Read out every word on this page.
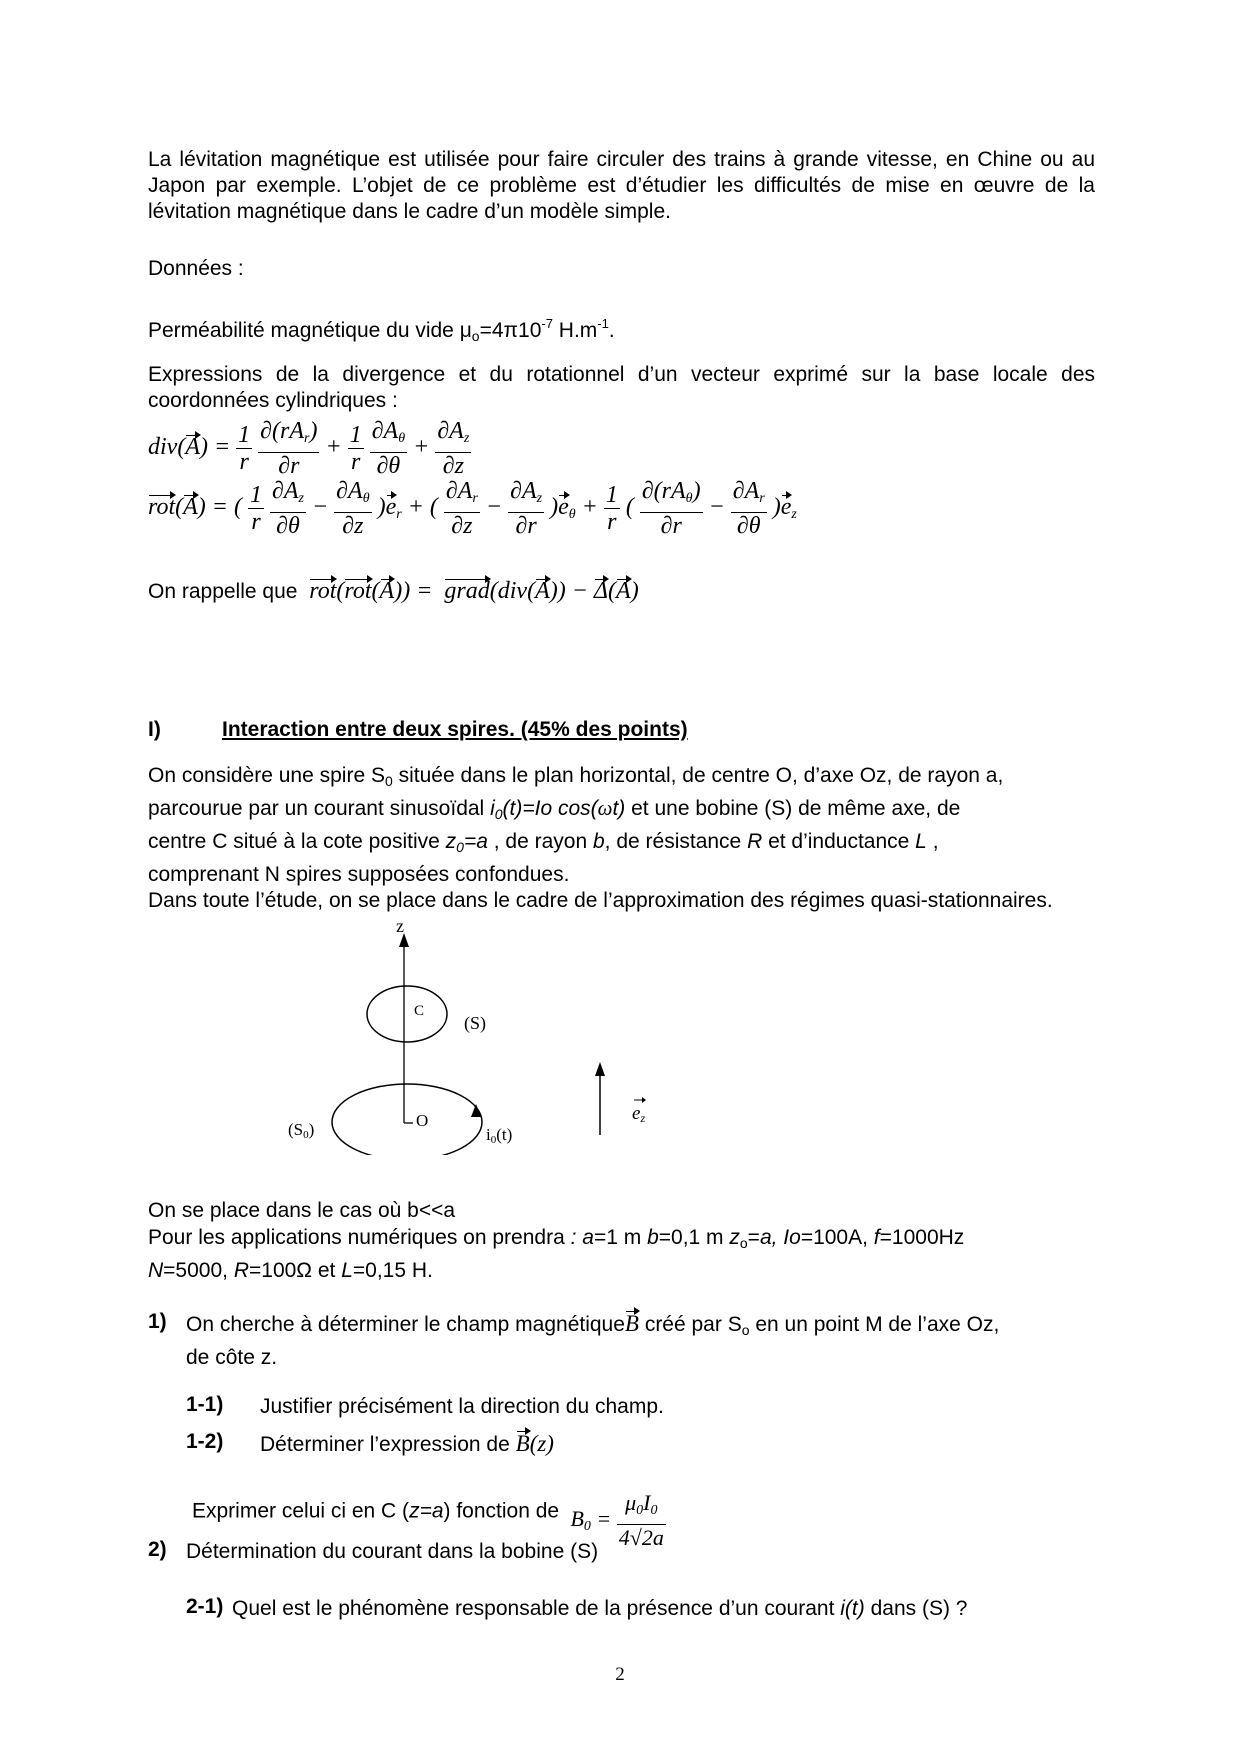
La lévitation magnétique est utilisée pour faire circuler des trains à grande vitesse, en Chine ou au Japon par exemple. L’objet de ce problème est d’étudier les difficultés de mise en œuvre de la lévitation magnétique dans le cadre d’un modèle simple.
Données :
Perméabilité magnétique du vide $\mu_o=4\pi 10^{-7}$ $H.m^{-1}$.
Expressions de la divergence et du rotationnel d’un vecteur exprimé sur la base locale des coordonnées cylindriques :
$div(A) = \frac{1}{r}$
$\frac{\partial(rA_r)}{\partial r} + \frac{1}{r}$
$\frac{\partial A_\theta}{\partial\theta} + \frac{\partial A_z}{\partial z}$
rot(A) = ( $\frac{1}{r}$
$\frac{\partial A_z}{\partial\theta} - \frac{\partial A_\theta}{\partial z} )e_r$ + ( $\frac{\partial A_r}{\partial z} - \frac{\partial A_z}{\partial r} )e_\theta + \frac{1}{r}$ ( $\frac{\partial(rA_\theta)}{\partial r} - \frac{\partial A_r}{\partial\theta} )e_z$
On rappelle que rot(rot(A)) =  grad(div(A)) − Δ(A)
I)	Interaction entre deux spires. (45% des points)
On considère une spire $S_0$ située dans le plan horizontal, de centre O, d’axe Oz, de rayon a,
parcourue par un courant sinusoïdal $i_0(t)=Io$ cos(ωt) et une bobine (S) de même axe, de
centre C situé à la cote positive $z_0=a$ , de rayon b, de résistance R et d’inductance L ,
comprenant N spires supposées confondues.
Dans toute l’étude, on se place dans le cadre de l’approximation des régimes quasi-stationnaires.
z
C
(S)
O
(S0)	i0(t)
ez
On se place dans le cas où b<<a
Pour les applications numériques on prendra : a=1 m b=0,1 m $z_o=a$, Io=100A, f=1000Hz
N=5000, R=100Ω et L=0,15 H.
1) On cherche à déterminer le champ magnétiqueB créé par $S_o$ en un point M de l’axe Oz,
de côte z.
1-1) Justifier précisément la direction du champ.
1-2) Déterminer l’expression de B(z)
Exprimer celui ci en C (z=a) fonction de  $B_0 = \frac{\mu_0I_0}{4√2a}$
2) Détermination du courant dans la bobine (S)
2-1) Quel est le phénomène responsable de la présence d’un courant i(t) dans (S) ?
2
